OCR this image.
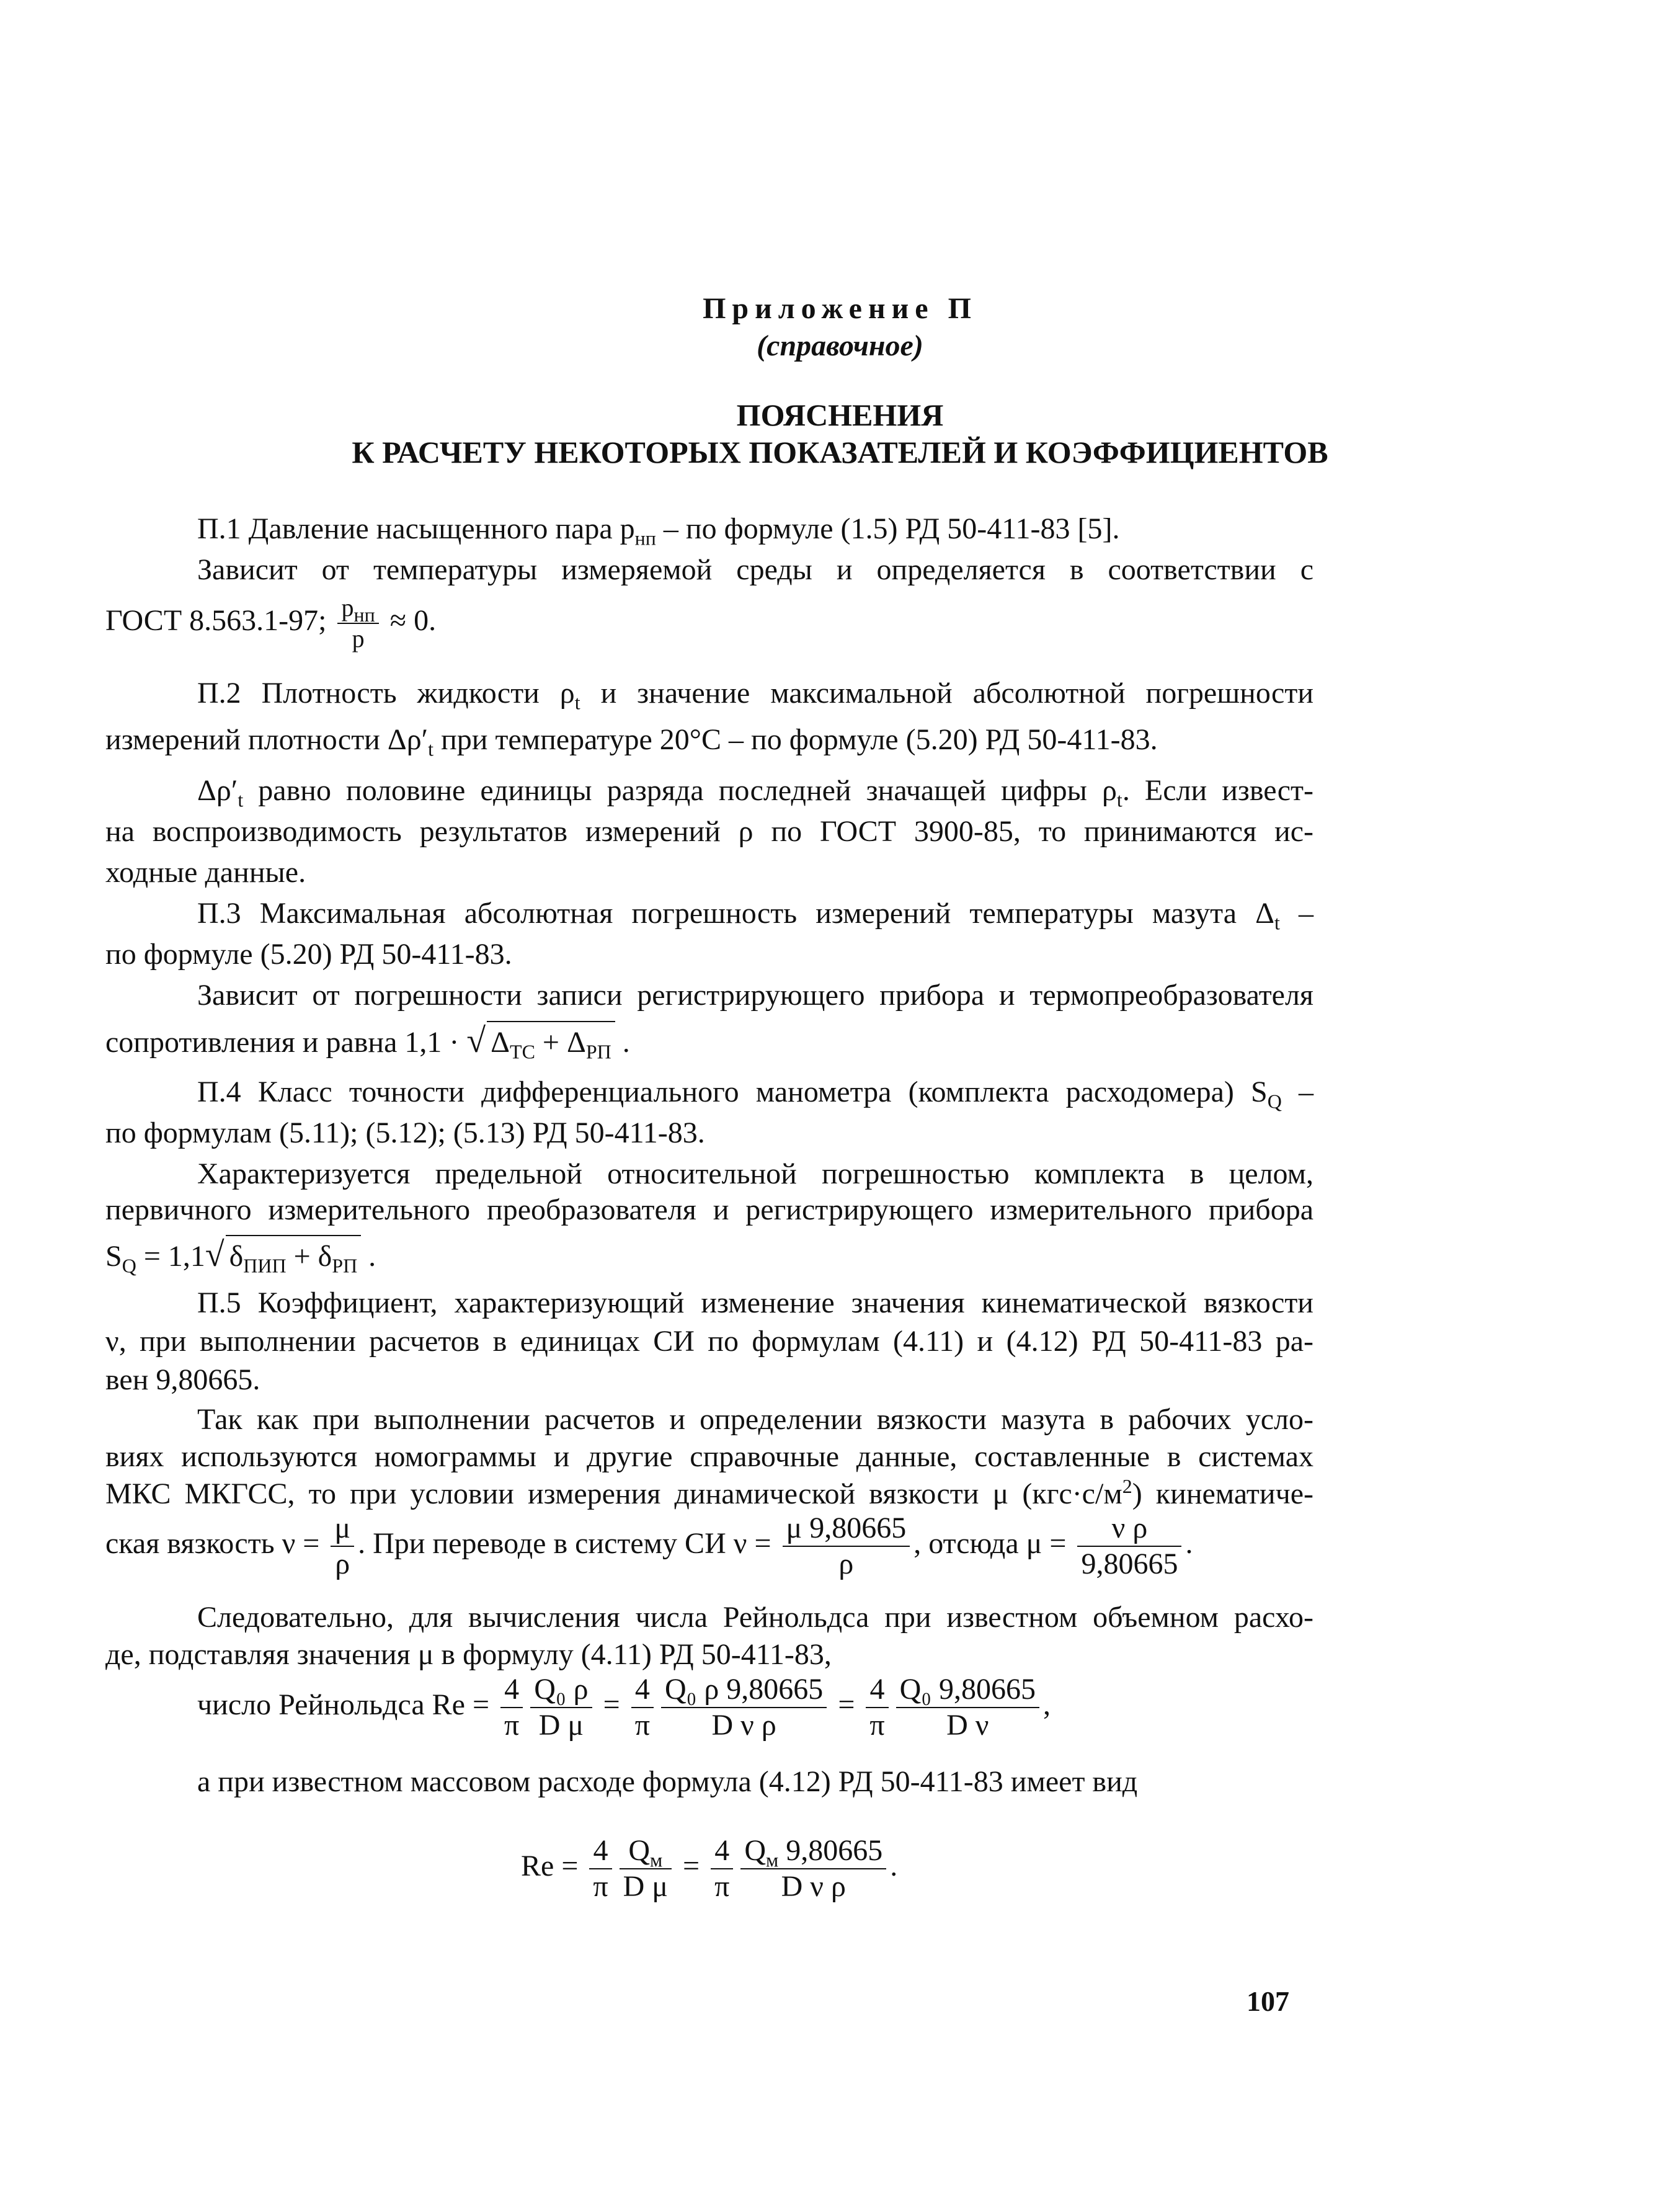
Приложение П
(справочное)
ПОЯСНЕНИЯ
К РАСЧЕТУ НЕКОТОРЫХ ПОКАЗАТЕЛЕЙ И КОЭФФИЦИЕНТОВ
П.1 Давление насыщенного пара $p_{нп}$ – по формуле (1.5) РД 50-411-83 [5].
Зависит от температуры измеряемой среды и определяется в соответствии с
ГОСТ 8.563.1-97; $\frac{p_{нп}}{p} \approx 0$.
П.2 Плотность жидкости $\rho_t$ и значение максимальной абсолютной погрешности
измерений плотности $\Delta\rho'_t$ при температуре 20°С – по формуле (5.20) РД 50-411-83.
$\Delta\rho'_t$ равно половине единицы разряда последней значащей цифры $\rho_t$. Если извест-
на воспроизводимость результатов измерений ρ по ГОСТ 3900-85, то принимаются ис-
ходные данные.
П.3 Максимальная абсолютная погрешность измерений температуры мазута $\Delta_t$ –
по формуле (5.20) РД 50-411-83.
Зависит от погрешности записи регистрирующего прибора и термопреобразователя
сопротивления и равна 1,1 · √ $\Delta_{ТС} + \Delta_{РП}$ .
П.4 Класс точности дифференциального манометра (комплекта расходомера) $S_Q$ –
по формулам (5.11); (5.12); (5.13) РД 50-411-83.
Характеризуется предельной относительной погрешностью комплекта в целом,
первичного измерительного преобразователя и регистрирующего измерительного прибора
$S_Q = 1,1√$ $\delta_{ПИП} + \delta_{РП}$ .
П.5 Коэффициент, характеризующий изменение значения кинематической вязкости
ν, при выполнении расчетов в единицах СИ по формулам (4.11) и (4.12) РД 50-411-83 ра-
вен 9,80665.
Так как при выполнении расчетов и определении вязкости мазута в рабочих усло-
виях используются номограммы и другие справочные данные, составленные в системах
МКС МКГСС, то при условии измерения динамической вязкости μ $(кгс\cdot с/м^2)$ кинематиче-
ская вязкость $\nu = \frac{\mu}{\rho}$ . При переводе в систему СИ $\nu = \frac{\mu 9,80665}{\rho}$ , отсюда $\mu = \frac{\text{ν ρ}}{9,80665}$ .
Следовательно, для вычисления числа Рейнольдса при известном объемном расхо-
де, подставляя значения μ в формулу (4.11) РД 50-411-83,
число Рейнольдса $Re = \frac{4}{\pi} \frac{\text{Q₀ ρ}}{\text{D μ}} = \frac{4}{\pi} \frac{\text{Q₀ ρ 9,80665}}{\text{D ν ρ}} = \frac{4}{\pi} \frac{\text{Q₀ 9,80665}}{\text{D ν}}$ ,
а при известном массовом расходе формула (4.12) РД 50-411-83 имеет вид
$Re = \frac{4}{\pi} \frac{Q_м}{\text{D μ}} = \frac{4}{\pi} \frac{Q_м 9,80665}{\text{D ν ρ}}$ .
107
